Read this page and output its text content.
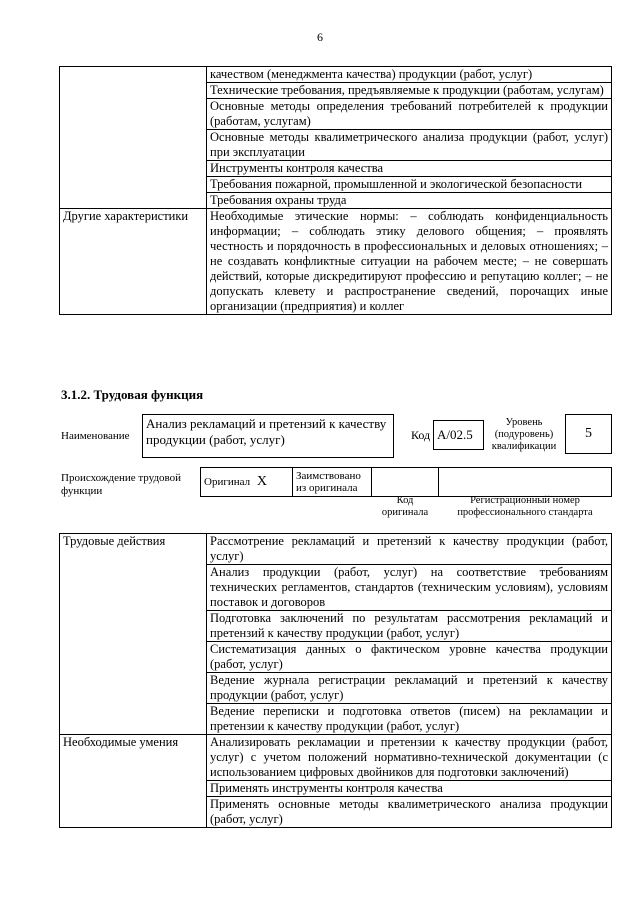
6
	качеством (менеджмента качества) продукции (работ, услуг)
	Технические требования, предъявляемые к продукции (работам, услугам)
	Основные методы определения требований потребителей к продукции (работам, услугам)
	Основные методы квалиметрического анализа продукции (работ, услуг) при эксплуатации
	Инструменты контроля качества
	Требования пожарной, промышленной и экологической безопасности
	Требования охраны труда
Другие характеристики	Необходимые этические нормы: – соблюдать конфиденциальность информации; – соблюдать этику делового общения; – проявлять честность и порядочность в профессиональных и деловых отношениях; – не создавать конфликтные ситуации на рабочем месте; – не совершать действий, которые дискредитируют профессию и репутацию коллег; – не допускать клевету и распространение сведений, порочащих иные организации (предприятия) и коллег
3.1.2. Трудовая функция
Наименование
Анализ рекламаций и претензий к качеству продукции (работ, услуг)	Код A/02.5
Уровень (подуровень) квалификации
5
Происхождение трудовой функции
Оригинал X	Заимствовано из оригинала		
Код оригинала
Регистрационный номер профессионального стандарта
Трудовые действия	Рассмотрение рекламаций и претензий к качеству продукции (работ, услуг)
	Анализ продукции (работ, услуг) на соответствие требованиям технических регламентов, стандартов (техническим условиям), условиям поставок и договоров
	Подготовка заключений по результатам рассмотрения рекламаций и претензий к качеству продукции (работ, услуг)
	Систематизация данных о фактическом уровне качества продукции (работ, услуг)
	Ведение журнала регистрации рекламаций и претензий к качеству продукции (работ, услуг)
	Ведение переписки и подготовка ответов (писем) на рекламации и претензии к качеству продукции (работ, услуг)
Необходимые умения	Анализировать рекламации и претензии к качеству продукции (работ, услуг) с учетом положений нормативно-технической документации (с использованием цифровых двойников для подготовки заключений)
	Применять инструменты контроля качества
	Применять основные методы квалиметрического анализа продукции (работ, услуг)
